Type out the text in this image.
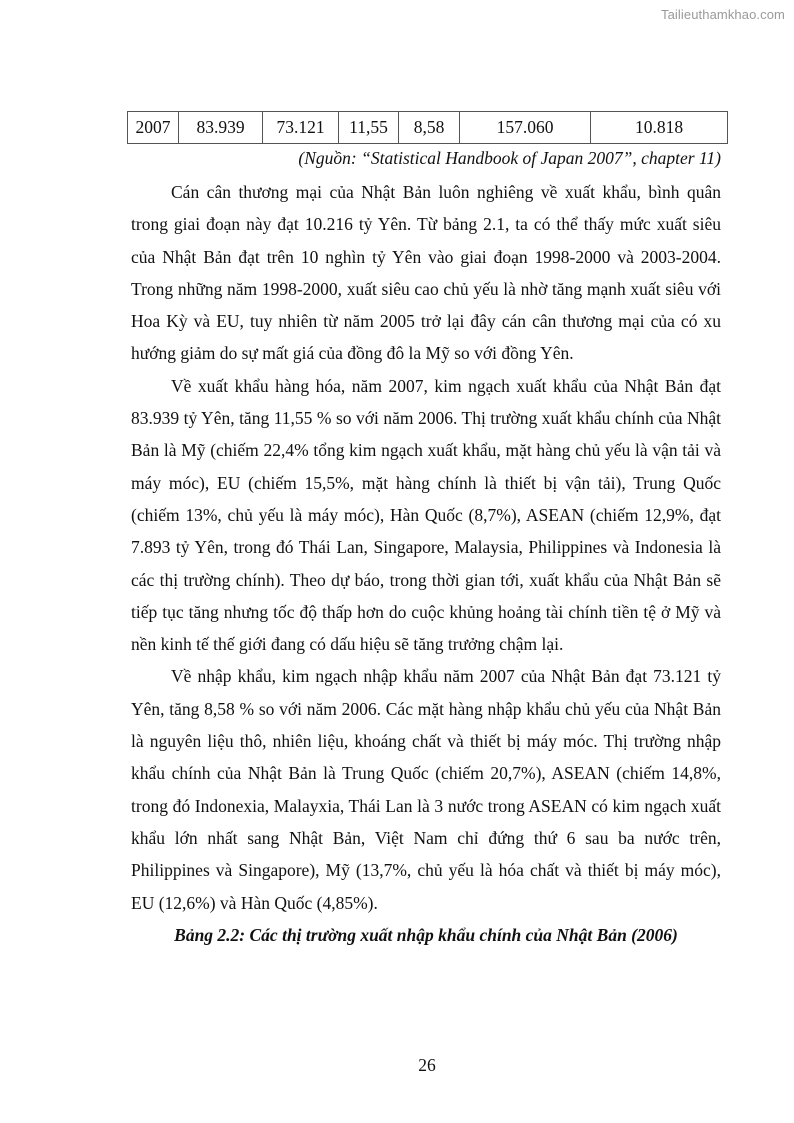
Tailieuthamkhao.com
2007	83.939	73.121	11,55	8,58	157.060	10.818
(Nguồn: “Statistical Handbook of Japan 2007”, chapter 11)

Cán cân thương mại của Nhật Bản luôn nghiêng về xuất khẩu, bình quân trong giai đoạn này đạt 10.216 tỷ Yên. Từ bảng 2.1, ta có thể thấy mức xuất siêu của Nhật Bản đạt trên 10 nghìn tỷ Yên vào giai đoạn 1998-2000 và 2003-2004. Trong những năm 1998-2000, xuất siêu cao chủ yếu là nhờ tăng mạnh xuất siêu với Hoa Kỳ và EU, tuy nhiên từ năm 2005 trở lại đây cán cân thương mại của có xu hướng giảm do sự mất giá của đồng đô la Mỹ so với đồng Yên.

Về xuất khẩu hàng hóa, năm 2007, kim ngạch xuất khẩu của Nhật Bản đạt 83.939 tỷ Yên, tăng 11,55 % so với năm 2006. Thị trường xuất khẩu chính của Nhật Bản là Mỹ (chiếm 22,4% tổng kim ngạch xuất khẩu, mặt hàng chủ yếu là vận tải và máy móc), EU (chiếm 15,5%, mặt hàng chính là thiết bị vận tải), Trung Quốc (chiếm 13%, chủ yếu là máy móc), Hàn Quốc (8,7%), ASEAN (chiếm 12,9%, đạt 7.893 tỷ Yên, trong đó Thái Lan, Singapore, Malaysia, Philippines và Indonesia là các thị trường chính). Theo dự báo, trong thời gian tới, xuất khẩu của Nhật Bản sẽ tiếp tục tăng nhưng tốc độ thấp hơn do cuộc khủng hoảng tài chính tiền tệ ở Mỹ và nền kinh tế thế giới đang có dấu hiệu sẽ tăng trưởng chậm lại.

Về nhập khẩu, kim ngạch nhập khẩu năm 2007 của Nhật Bản đạt 73.121 tỷ Yên, tăng 8,58 % so với năm 2006. Các mặt hàng nhập khẩu chủ yếu của Nhật Bản là nguyên liệu thô, nhiên liệu, khoáng chất và thiết bị máy móc. Thị trường nhập khẩu chính của Nhật Bản là Trung Quốc (chiếm 20,7%), ASEAN (chiếm 14,8%, trong đó Indonexia, Malayxia, Thái Lan là 3 nước trong ASEAN có kim ngạch xuất khẩu lớn nhất sang Nhật Bản, Việt Nam chỉ đứng thứ 6 sau ba nước trên, Philippines và Singapore), Mỹ (13,7%, chủ yếu là hóa chất và thiết bị máy móc), EU (12,6%) và Hàn Quốc (4,85%).

Bảng 2.2: Các thị trường xuất nhập khẩu chính của Nhật Bản (2006)

26
